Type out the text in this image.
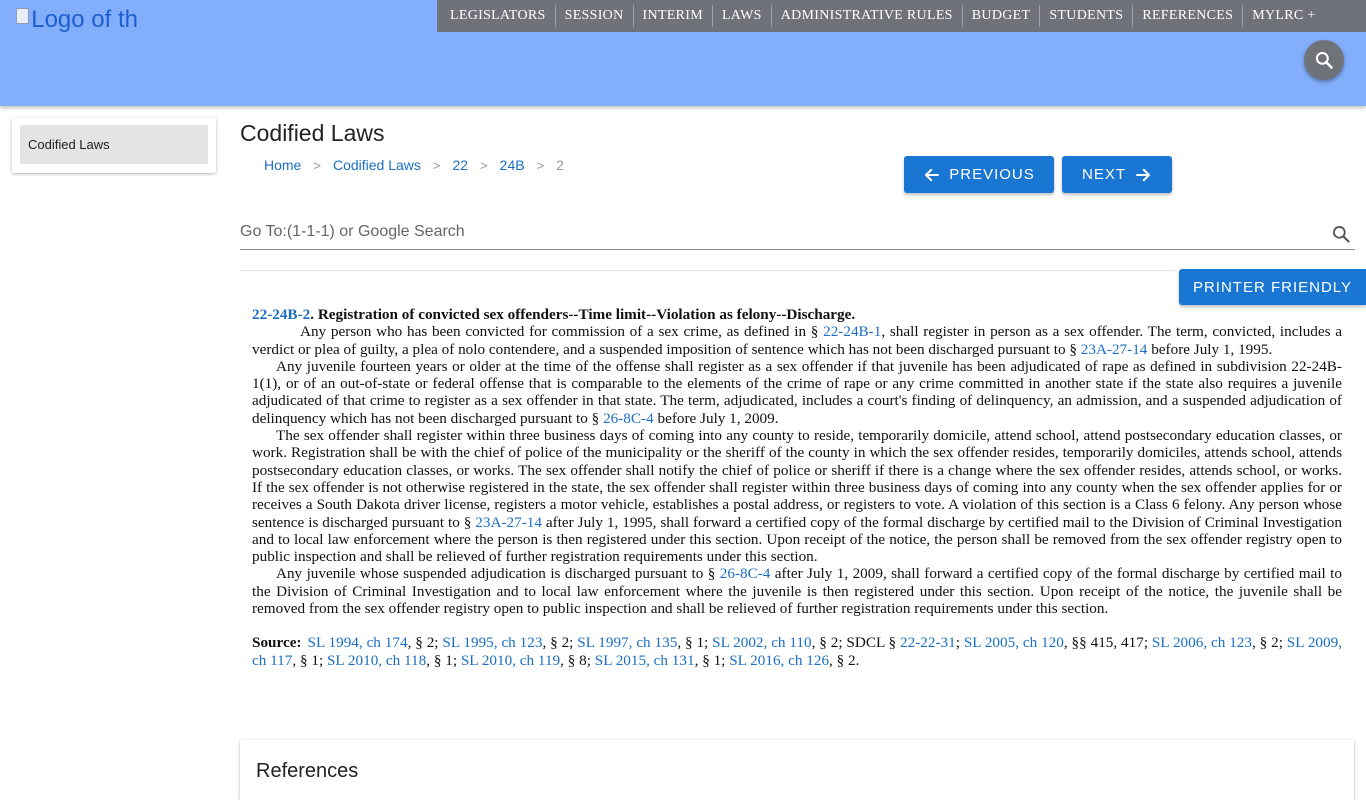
Logo of th	LEGISLATORS	SESSION	INTERIM	LAWS	ADMINISTRATIVE RULES	BUDGET	STUDENTS	REFERENCES	MYLRC +
Codified Laws	Codified Laws
Home > Codified Laws > 22 > 24B > 2
PREVIOUS	NEXT
Go To:(1-1-1) or Google Search
PRINTER FRIENDLY
22-24B-2. Registration of convicted sex offenders--Time limit--Violation as felony--Discharge.
Any person who has been convicted for commission of a sex crime, as defined in § 22-24B-1, shall register in person as a sex offender. The term, convicted, includes a verdict or plea of guilty, a plea of nolo contendere, and a suspended imposition of sentence which has not been discharged pursuant to § 23A-27-14 before July 1, 1995.
Any juvenile fourteen years or older at the time of the offense shall register as a sex offender if that juvenile has been adjudicated of rape as defined in subdivision 22-24B-1(1), or of an out-of-state or federal offense that is comparable to the elements of the crime of rape or any crime committed in another state if the state also requires a juvenile adjudicated of that crime to register as a sex offender in that state. The term, adjudicated, includes a court's finding of delinquency, an admission, and a suspended adjudication of delinquency which has not been discharged pursuant to § 26-8C-4 before July 1, 2009.
The sex offender shall register within three business days of coming into any county to reside, temporarily domicile, attend school, attend postsecondary education classes, or work. Registration shall be with the chief of police of the municipality or the sheriff of the county in which the sex offender resides, temporarily domiciles, attends school, attends postsecondary education classes, or works. The sex offender shall notify the chief of police or sheriff if there is a change where the sex offender resides, attends school, or works. If the sex offender is not otherwise registered in the state, the sex offender shall register within three business days of coming into any county when the sex offender applies for or receives a South Dakota driver license, registers a motor vehicle, establishes a postal address, or registers to vote. A violation of this section is a Class 6 felony. Any person whose sentence is discharged pursuant to § 23A-27-14 after July 1, 1995, shall forward a certified copy of the formal discharge by certified mail to the Division of Criminal Investigation and to local law enforcement where the person is then registered under this section. Upon receipt of the notice, the person shall be removed from the sex offender registry open to public inspection and shall be relieved of further registration requirements under this section.
Any juvenile whose suspended adjudication is discharged pursuant to § 26-8C-4 after July 1, 2009, shall forward a certified copy of the formal discharge by certified mail to the Division of Criminal Investigation and to local law enforcement where the juvenile is then registered under this section. Upon receipt of the notice, the juvenile shall be removed from the sex offender registry open to public inspection and shall be relieved of further registration requirements under this section.
Source: SL 1994, ch 174, § 2; SL 1995, ch 123, § 2; SL 1997, ch 135, § 1; SL 2002, ch 110, § 2; SDCL § 22-22-31; SL 2005, ch 120, §§ 415, 417; SL 2006, ch 123, § 2; SL 2009, ch 117, § 1; SL 2010, ch 118, § 1; SL 2010, ch 119, § 8; SL 2015, ch 131, § 1; SL 2016, ch 126, § 2.
References
